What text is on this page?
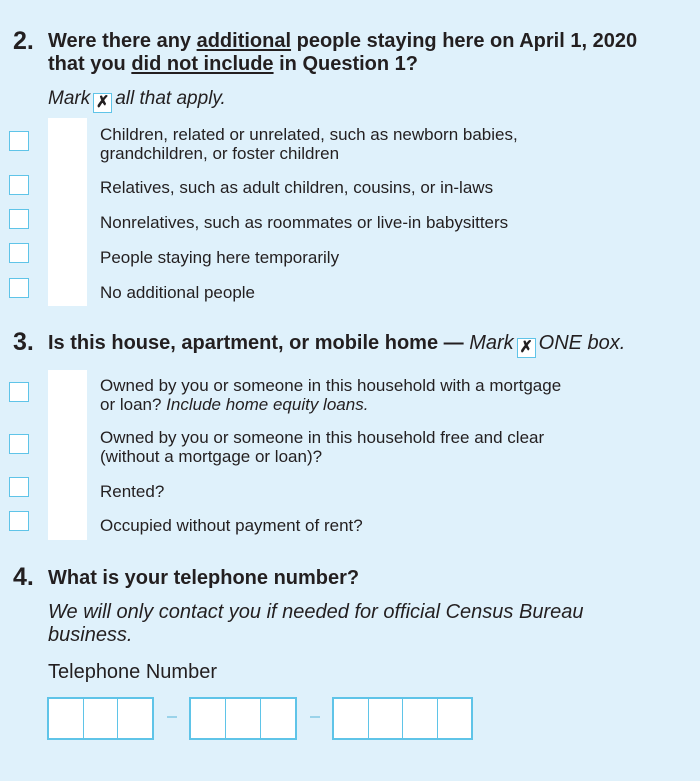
2. Were there any additional people staying here on April 1, 2020
that you did not include in Question 1?
Mark ✗ all that apply.
Children, related or unrelated, such as newborn babies,
grandchildren, or foster children
Relatives, such as adult children, cousins, or in-laws
Nonrelatives, such as roommates or live-in babysitters
People staying here temporarily
No additional people
3. Is this house, apartment, or mobile home — Mark ✗ ONE box.
Owned by you or someone in this household with a mortgage
or loan? Include home equity loans.
Owned by you or someone in this household free and clear
(without a mortgage or loan)?
Rented?
Occupied without payment of rent?
4. What is your telephone number?
We will only contact you if needed for official Census Bureau
business.
Telephone Number
